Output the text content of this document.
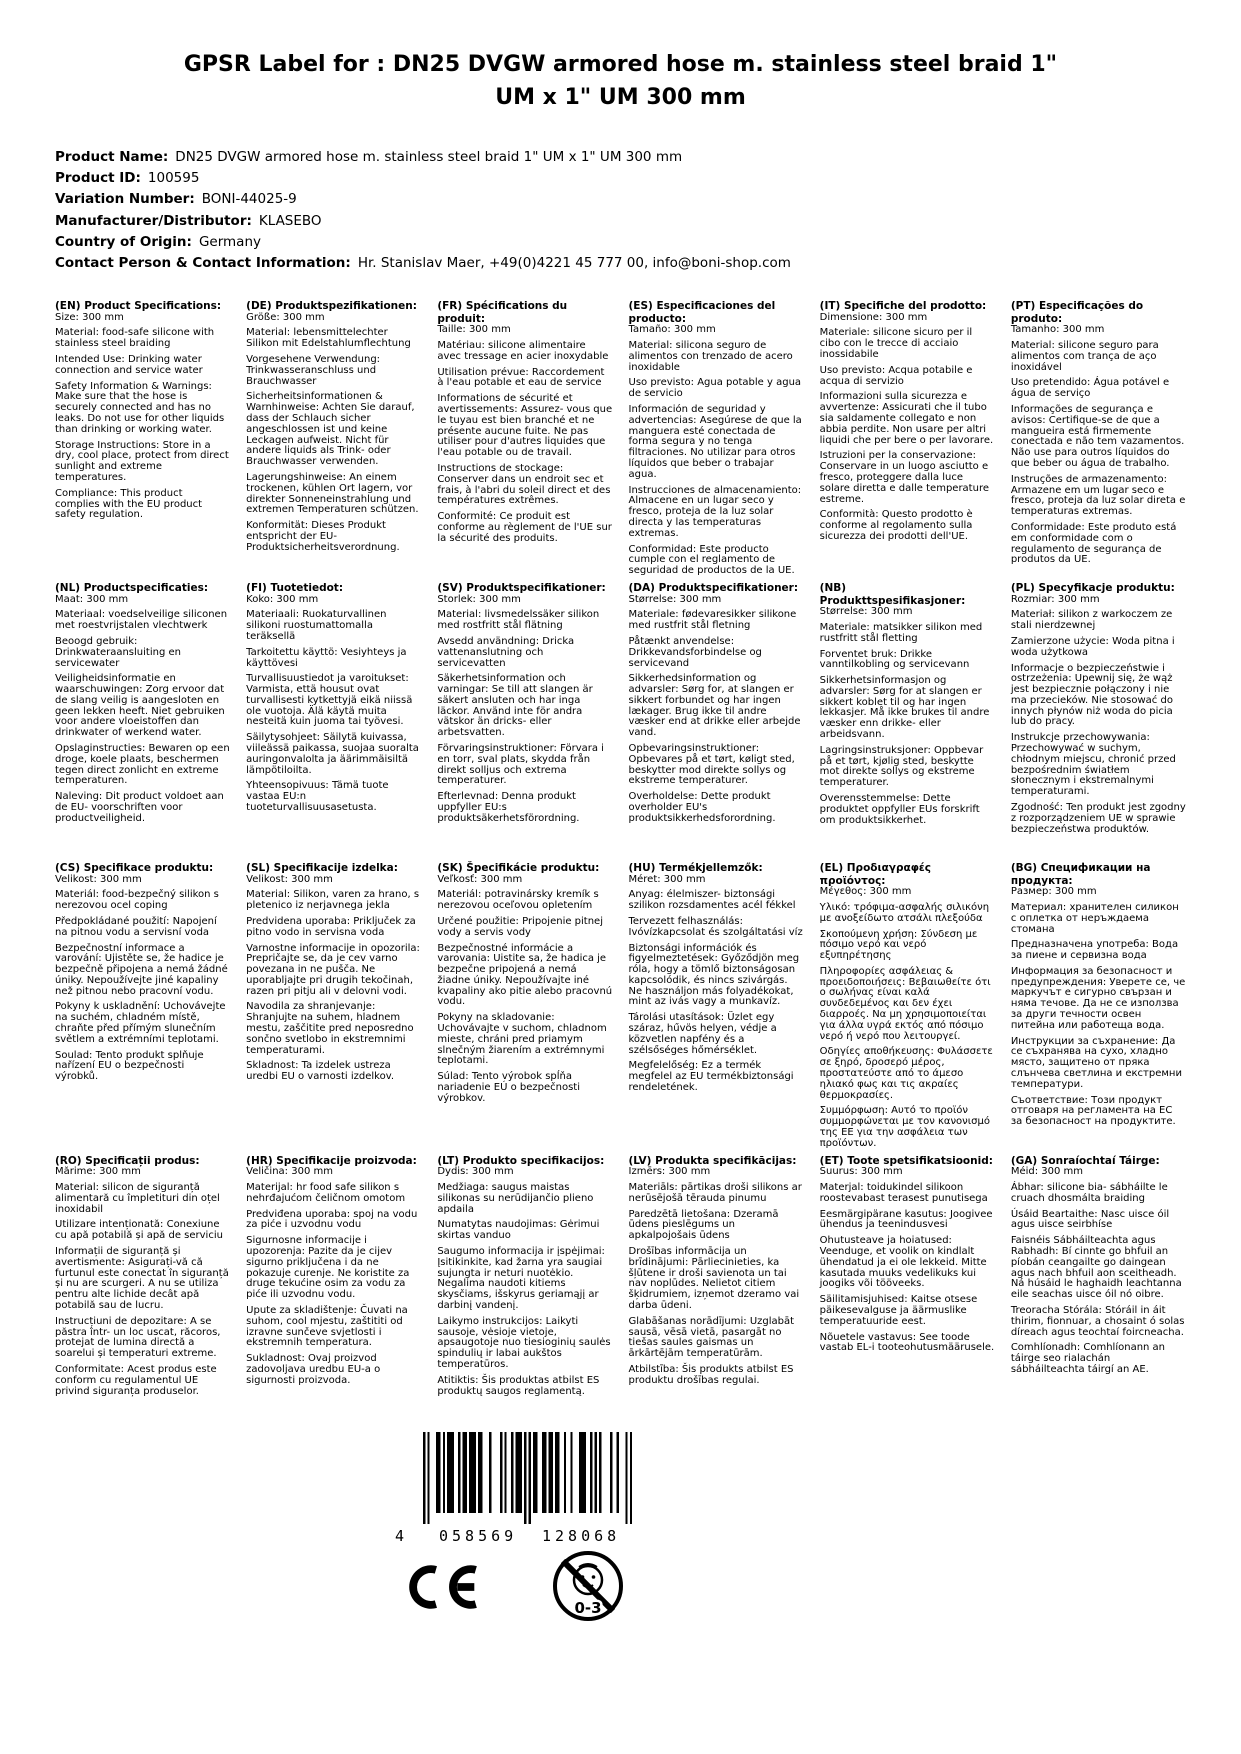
GPSR Label for : DN25 DVGW armored hose m. stainless steel braid 1"
UM x 1" UM 300 mm
Product Name: DN25 DVGW armored hose m. stainless steel braid 1" UM x 1" UM 300 mm
Product ID: 100595
Variation Number: BONI-44025-9
Manufacturer/Distributor: KLASEBO
Country of Origin: Germany
Contact Person & Contact Information: Hr. Stanislav Maer, +49(0)4221 45 777 00, info@boni-shop.com
(EN) Product Specifications:

Size: 300 mm

Material: food-safe silicone with stainless steel braiding

Intended Use: Drinking water connection and service water

Safety Information & Warnings: Make sure that the hose is securely connected and has no leaks. Do not use for other liquids than drinking or working water.

Storage Instructions: Store in a dry, cool place, protect from direct sunlight and extreme temperatures.

Compliance: This product complies with the EU product safety regulation.

(DE) Produktspezifikationen:

Größe: 300 mm

Material: lebensmittelechter Silikon mit Edelstahlumflechtung

Vorgesehene Verwendung: Trinkwasseranschluss und Brauchwasser

Sicherheitsinformationen & Warnhinweise: Achten Sie darauf, dass der Schlauch sicher angeschlossen ist und keine Leckagen aufweist. Nicht für andere liquids als Trink- oder Brauchwasser verwenden.

Lagerungshinweise: An einem trockenen, kühlen Ort lagern, vor direkter Sonneneinstrahlung und extremen Temperaturen schützen.

Konformität: Dieses Produkt entspricht der EU-Produktsicherheitsverordnung.

(FR) Spécifications du produit:

Taille: 300 mm

Matériau: silicone alimentaire avec tressage en acier inoxydable

Utilisation prévue: Raccordement à l'eau potable et eau de service

Informations de sécurité et avertissements: Assurez- vous que le tuyau est bien branché et ne présente aucune fuite. Ne pas utiliser pour d'autres liquides que l'eau potable ou de travail.

Instructions de stockage: Conserver dans un endroit sec et frais, à l'abri du soleil direct et des températures extrêmes.

Conformité: Ce produit est conforme au règlement de l'UE sur la sécurité des produits.

(ES) Especificaciones del producto:

Tamaño: 300 mm

Material: silicona seguro de alimentos con trenzado de acero inoxidable

Uso previsto: Agua potable y agua de servicio

Información de seguridad y advertencias: Asegúrese de que la manguera esté conectada de forma segura y no tenga filtraciones. No utilizar para otros líquidos que beber o trabajar agua.

Instrucciones de almacenamiento: Almacene en un lugar seco y fresco, proteja de la luz solar directa y las temperaturas extremas.

Conformidad: Este producto cumple con el reglamento de seguridad de productos de la UE.

(IT) Specifiche del prodotto:

Dimensione: 300 mm

Materiale: silicone sicuro per il cibo con le trecce di acciaio inossidabile

Uso previsto: Acqua potabile e acqua di servizio

Informazioni sulla sicurezza e avvertenze: Assicurati che il tubo sia saldamente collegato e non abbia perdite. Non usare per altri liquidi che per bere o per lavorare.

Istruzioni per la conservazione: Conservare in un luogo asciutto e fresco, proteggere dalla luce solare diretta e dalle temperature estreme.

Conformità: Questo prodotto è conforme al regolamento sulla sicurezza dei prodotti dell'UE.

(PT) Especificações do produto:

Tamanho: 300 mm

Material: silicone seguro para alimentos com trança de aço inoxidável

Uso pretendido: Água potável e água de serviço

Informações de segurança e avisos: Certifique-se de que a mangueira está firmemente conectada e não tem vazamentos. Não use para outros líquidos do que beber ou água de trabalho.

Instruções de armazenamento: Armazene em um lugar seco e fresco, proteja da luz solar direta e temperaturas extremas.

Conformidade: Este produto está em conformidade com o regulamento de segurança de produtos da UE.

(NL) Productspecificaties:

Maat: 300 mm

Materiaal: voedselveilige siliconen met roestvrijstalen vlechtwerk

Beoogd gebruik: Drinkwateraansluiting en servicewater

Veiligheidsinformatie en waarschuwingen: Zorg ervoor dat de slang veilig is aangesloten en geen lekken heeft. Niet gebruiken voor andere vloeistoffen dan drinkwater of werkend water.

Opslaginstructies: Bewaren op een droge, koele plaats, beschermen tegen direct zonlicht en extreme temperaturen.

Naleving: Dit product voldoet aan de EU- voorschriften voor productveiligheid.

(FI) Tuotetiedot:

Koko: 300 mm

Materiaali: Ruokaturvallinen silikoni ruostumattomalla teräksellä

Tarkoitettu käyttö: Vesiyhteys ja käyttövesi

Turvallisuustiedot ja varoitukset: Varmista, että housut ovat turvallisesti kytkettyjä eikä niissä ole vuotoja. Älä käytä muita nesteitä kuin juoma tai työvesi.

Säilytysohjeet: Säilytä kuivassa, viileässä paikassa, suojaa suoralta auringonvalolta ja äärimmäisiltä lämpötiloilta.

Yhteensopivuus: Tämä tuote vastaa EU:n tuoteturvallisuusasetusta.

(SV) Produktspecifikationer:

Storlek: 300 mm

Material: livsmedelssäker silikon med rostfritt stål flätning

Avsedd användning: Dricka vattenanslutning och servicevatten

Säkerhetsinformation och varningar: Se till att slangen är säkert ansluten och har inga läckor. Använd inte för andra vätskor än dricks- eller arbetsvatten.

Förvaringsinstruktioner: Förvara i en torr, sval plats, skydda från direkt solljus och extrema temperaturer.

Efterlevnad: Denna produkt uppfyller EU:s produktsäkerhetsförordning.

(DA) Produktspecifikationer:

Størrelse: 300 mm

Materiale: fødevaresikker silikone med rustfrit stål fletning

Påtænkt anvendelse: Drikkevandsforbindelse og servicevand

Sikkerhedsinformation og advarsler: Sørg for, at slangen er sikkert forbundet og har ingen lækager. Brug ikke til andre væsker end at drikke eller arbejde vand.

Opbevaringsinstruktioner: Opbevares på et tørt, køligt sted, beskytter mod direkte sollys og ekstreme temperaturer.

Overholdelse: Dette produkt overholder EU's produktsikkerhedsforordning.

(NB) Produkttspesifikasjoner:

Størrelse: 300 mm

Materiale: matsikker silikon med rustfritt stål fletting

Forventet bruk: Drikke vanntilkobling og servicevann

Sikkerhetsinformasjon og advarsler: Sørg for at slangen er sikkert koblet til og har ingen lekkasjer. Må ikke brukes til andre væsker enn drikke- eller arbeidsvann.

Lagringsinstruksjoner: Oppbevar på et tørt, kjølig sted, beskytte mot direkte sollys og ekstreme temperaturer.

Overensstemmelse: Dette produktet oppfyller EUs forskrift om produktsikkerhet.

(PL) Specyfikacje produktu:

Rozmiar: 300 mm

Materiał: silikon z warkoczem ze stali nierdzewnej

Zamierzone użycie: Woda pitna i woda użytkowa

Informacje o bezpieczeństwie i ostrzeżenia: Upewnij się, że wąż jest bezpiecznie połączony i nie ma przecieków. Nie stosować do innych płynów niż woda do picia lub do pracy.

Instrukcje przechowywania: Przechowywać w suchym, chłodnym miejscu, chronić przed bezpośrednim światłem słonecznym i ekstremalnymi temperaturami.

Zgodność: Ten produkt jest zgodny z rozporządzeniem UE w sprawie bezpieczeństwa produktów.

(CS) Specifikace produktu:

Velikost: 300 mm

Materiál: food-bezpečný silikon s nerezovou ocel coping

Předpokládané použití: Napojení na pitnou vodu a servisní voda

Bezpečnostní informace a varování: Ujistěte se, že hadice je bezpečně připojena a nemá žádné úniky. Nepoužívejte jiné kapaliny než pitnou nebo pracovní vodu.

Pokyny k uskladnění: Uchovávejte na suchém, chladném místě, chraňte před přímým slunečním světlem a extrémními teplotami.

Soulad: Tento produkt splňuje nařízení EU o bezpečnosti výrobků.

(SL) Specifikacije izdelka:

Velikost: 300 mm

Material: Silikon, varen za hrano, s pletenico iz nerjavnega jekla

Predvidena uporaba: Priključek za pitno vodo in servisna voda

Varnostne informacije in opozorila: Prepričajte se, da je cev varno povezana in ne pušča. Ne uporabljajte pri drugih tekočinah, razen pri pitju ali v delovni vodi.

Navodila za shranjevanje: Shranjujte na suhem, hladnem mestu, zaščitite pred neposredno sončno svetlobo in ekstremnimi temperaturami.

Skladnost: Ta izdelek ustreza uredbi EU o varnosti izdelkov.

(SK) Špecifikácie produktu:

Veľkosť: 300 mm

Materiál: potravinársky kremík s nerezovou oceľovou opletením

Určené použitie: Pripojenie pitnej vody a servis vody

Bezpečnostné informácie a varovania: Uistite sa, že hadica je bezpečne pripojená a nemá žiadne úniky. Nepoužívajte iné kvapaliny ako pitie alebo pracovnú vodu.

Pokyny na skladovanie: Uchovávajte v suchom, chladnom mieste, chráni pred priamym slnečným žiarením a extrémnymi teplotami.

Súlad: Tento výrobok spĺňa nariadenie EÚ o bezpečnosti výrobkov.

(HU) Termékjellemzők:

Méret: 300 mm

Anyag: élelmiszer- biztonsági szilikon rozsdamentes acél fékkel

Tervezett felhasználás: Ivóvízkapcsolat és szolgáltatási víz

Biztonsági információk és figyelmeztetések: Győződjön meg róla, hogy a tömlő biztonságosan kapcsolódik, és nincs szivárgás. Ne használjon más folyadékokat, mint az ivás vagy a munkavíz.

Tárolási utasítások: Üzlet egy száraz, hűvös helyen, védje a közvetlen napfény és a szélsőséges hőmérséklet.

Megfelelőség: Ez a termék megfelel az EU termékbiztonsági rendeletének.

(EL) Προδιαγραφές προϊόντος:

Μέγεθος: 300 mm

Υλικό: τρόφιμα-ασφαλής σιλικόνη με ανοξείδωτο ατσάλι πλεξούδα

Σκοπούμενη χρήση: Σύνδεση με πόσιμο νερό και νερό εξυπηρέτησης

Πληροφορίες ασφάλειας & προειδοποιήσεις: Βεβαιωθείτε ότι ο σωλήνας είναι καλά συνδεδεμένος και δεν έχει διαρροές. Να μη χρησιμοποιείται για άλλα υγρά εκτός από πόσιμο νερό ή νερό που λειτουργεί.

Οδηγίες αποθήκευσης: Φυλάσσετε σε ξηρό, δροσερό μέρος, προστατεύστε από το άμεσο ηλιακό φως και τις ακραίες θερμοκρασίες.

Συμμόρφωση: Αυτό το προϊόν συμμορφώνεται με τον κανονισμό της ΕΕ για την ασφάλεια των προϊόντων.

(BG) Спецификации на продукта:

Размер: 300 mm

Материал: хранителен силикон с оплетка от неръждаема стомана

Предназначена употреба: Вода за пиене и сервизна вода

Информация за безопасност и предупреждения: Уверете се, че маркучът е сигурно свързан и няма течове. Да не се използва за други течности освен питейна или работеща вода.

Инструкции за съхранение: Да се съхранява на сухо, хладно място, защитено от пряка слънчева светлина и екстремни температури.

Съответствие: Този продукт отговаря на регламента на ЕС за безопасност на продуктите.

(RO) Specificații produs:

Mărime: 300 mm

Material: silicon de siguranță alimentară cu împletituri din oțel inoxidabil

Utilizare intenționată: Conexiune cu apă potabilă și apă de serviciu

Informații de siguranță și avertismente: Asigurați-vă că furtunul este conectat în siguranță și nu are scurgeri. A nu se utiliza pentru alte lichide decât apă potabilă sau de lucru.

Instrucțiuni de depozitare: A se păstra într- un loc uscat, răcoros, protejat de lumina directă a soarelui și temperaturi extreme.

Conformitate: Acest produs este conform cu regulamentul UE privind siguranța produselor.

(HR) Specifikacije proizvoda:

Veličina: 300 mm

Materijal: hr food safe silikon s nehrđajućom čeličnom omotom

Predviđena uporaba: spoj na vodu za piće i uzvodnu vodu

Sigurnosne informacije i upozorenja: Pazite da je cijev sigurno priključena i da ne pokazuje curenje. Ne koristite za druge tekućine osim za vodu za piće ili uzvodnu vodu.

Upute za skladištenje: Čuvati na suhom, cool mjestu, zaštititi od izravne sunčeve svjetlosti i ekstremnih temperatura.

Sukladnost: Ovaj proizvod zadovoljava uredbu EU-a o sigurnosti proizvoda.

(LT) Produkto specifikacijos:

Dydis: 300 mm

Medžiaga: saugus maistas silikonas su nerūdijančio plieno apdaila

Numatytas naudojimas: Gėrimui skirtas vanduo

Saugumo informacija ir įspėjimai: Įsitikinkite, kad žarna yra saugiai sujungta ir neturi nuotėkio. Negalima naudoti kitiems skysčiams, išskyrus geriamąjį ar darbinį vandenį.

Laikymo instrukcijos: Laikyti sausoje, vėsioje vietoje, apsaugotoje nuo tiesioginių saulės spindulių ir labai aukštos temperatūros.

Atitiktis: Šis produktas atbilst ES produktų saugos reglamentą.

(LV) Produkta specifikācijas:

Izmērs: 300 mm

Materiāls: pārtikas droši silikons ar nerūsējošā tērauda pinumu

Paredzētā lietošana: Dzeramā ūdens pieslēgums un apkalpojošais ūdens

Drošības informācija un brīdinājumi: Pārliecinieties, ka šļūtene ir droši savienota un tai nav noplūdes. Nelietot citiem šķidrumiem, izņemot dzeramo vai darba ūdeni.

Glabāšanas norādījumi: Uzglabāt sausā, vēsā vietā, pasargāt no tiešas saules gaismas un ārkārtējām temperatūrām.

Atbilstība: Šis produkts atbilst ES produktu drošības regulai.

(ET) Toote spetsifikatsioonid:

Suurus: 300 mm

Materjal: toidukindel silikoon roostevabast terasest punutisega

Eesmärgipärane kasutus: Joogivee ühendus ja teenindusvesi

Ohutusteave ja hoiatused: Veenduge, et voolik on kindlalt ühendatud ja ei ole lekkeid. Mitte kasutada muuks vedelikuks kui joogiks või tööveeks.

Säilitamisjuhised: Kaitse otsese päikesevalguse ja äärmuslike temperatuuride eest.

Nõuetele vastavus: See toode vastab EL-i tooteohutusmäärusele.

(GA) Sonraíochtaí Táirge:

Méid: 300 mm

Ábhar: silicone bia- sábháilte le cruach dhosmálta braiding

Úsáid Beartaithe: Nasc uisce óil agus uisce seirbhíse

Faisnéis Sábháilteachta agus Rabhadh: Bí cinnte go bhfuil an píobán ceangailte go daingean agus nach bhfuil aon sceitheadh. Ná húsáid le haghaidh leachtanna eile seachas uisce óil nó oibre.

Treoracha Stórála: Stóráil in áit thirim, fionnuar, a chosaint ó solas díreach agus teochtaí foircneacha.

Comhlíonadh: Comhlíonann an táirge seo rialachán sábháilteachta táirgí an AE.

4 058569 128068
0-3
